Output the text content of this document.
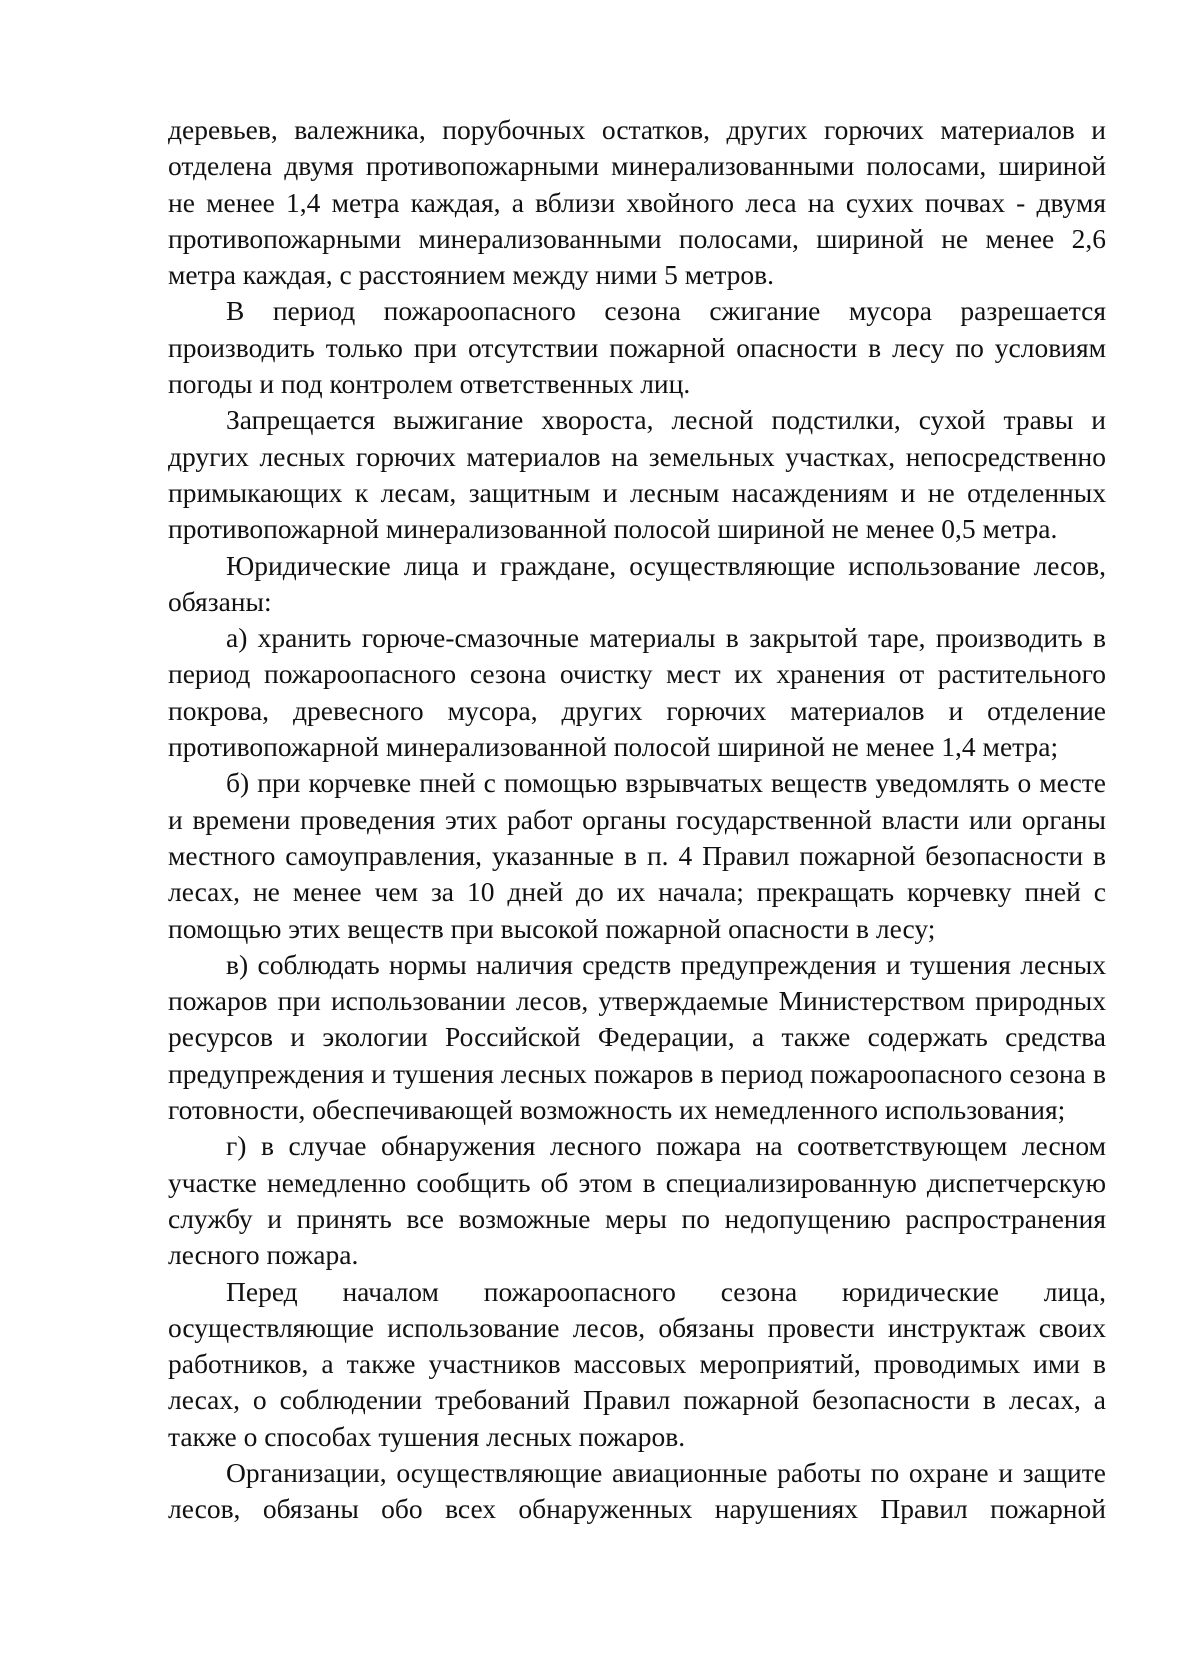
деревьев, валежника, порубочных остатков, других горючих материалов и отделена двумя противопожарными минерализованными полосами, шириной не менее 1,4 метра каждая, а вблизи хвойного леса на сухих почвах - двумя противопожарными минерализованными полосами, шириной не менее 2,6 метра каждая, с расстоянием между ними 5 метров.

В период пожароопасного сезона сжигание мусора разрешается производить только при отсутствии пожарной опасности в лесу по условиям погоды и под контролем ответственных лиц.

Запрещается выжигание хвороста, лесной подстилки, сухой травы и других лесных горючих материалов на земельных участках, непосредственно примыкающих к лесам, защитным и лесным насаждениям и не отделенных противопожарной минерализованной полосой шириной не менее 0,5 метра.

Юридические лица и граждане, осуществляющие использование лесов, обязаны:

а) хранить горюче-смазочные материалы в закрытой таре, производить в период пожароопасного сезона очистку мест их хранения от растительного покрова, древесного мусора, других горючих материалов и отделение противопожарной минерализованной полосой шириной не менее 1,4 метра;

б) при корчевке пней с помощью взрывчатых веществ уведомлять о месте и времени проведения этих работ органы государственной власти или органы местного самоуправления, указанные в п. 4 Правил пожарной безопасности в лесах, не менее чем за 10 дней до их начала; прекращать корчевку пней с помощью этих веществ при высокой пожарной опасности в лесу;

в) соблюдать нормы наличия средств предупреждения и тушения лесных пожаров при использовании лесов, утверждаемые Министерством природных ресурсов и экологии Российской Федерации, а также содержать средства предупреждения и тушения лесных пожаров в период пожароопасного сезона в готовности, обеспечивающей возможность их немедленного использования;

г) в случае обнаружения лесного пожара на соответствующем лесном участке немедленно сообщить об этом в специализированную диспетчерскую службу и принять все возможные меры по недопущению распространения лесного пожара.

Перед началом пожароопасного сезона юридические лица, осуществляющие использование лесов, обязаны провести инструктаж своих работников, а также участников массовых мероприятий, проводимых ими в лесах, о соблюдении требований Правил пожарной безопасности в лесах, а также о способах тушения лесных пожаров.

Организации, осуществляющие авиационные работы по охране и защите лесов, обязаны обо всех обнаруженных нарушениях Правил пожарной
